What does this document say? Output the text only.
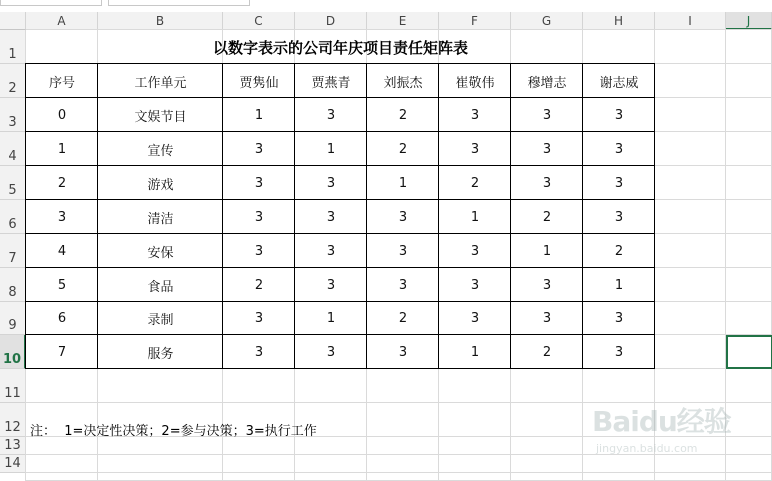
A	B	C	D	E	F	G	H	I	J
1
2
3
4
5
6
7
8
9
10
11
12
13
14
以数字表示的公司年庆项目责任矩阵表
序号	工作单元	贾隽仙	贾燕青	刘振杰	崔敬伟	穆增志	谢志威
0	文娱节目	1	3	2	3	3	3
1	宣传	3	1	2	3	3	3
2	游戏	3	3	1	2	3	3
3	清洁	3	3	3	1	2	3
4	安保	3	3	3	3	1	2
5	食品	2	3	3	3	3	1
6	录制	3	1	2	3	3	3
7	服务	3	3	3	1	2	3
注：  1=决定性决策；2=参与决策；3=执行工作	Baidu经验
jingyan.baidu.com
